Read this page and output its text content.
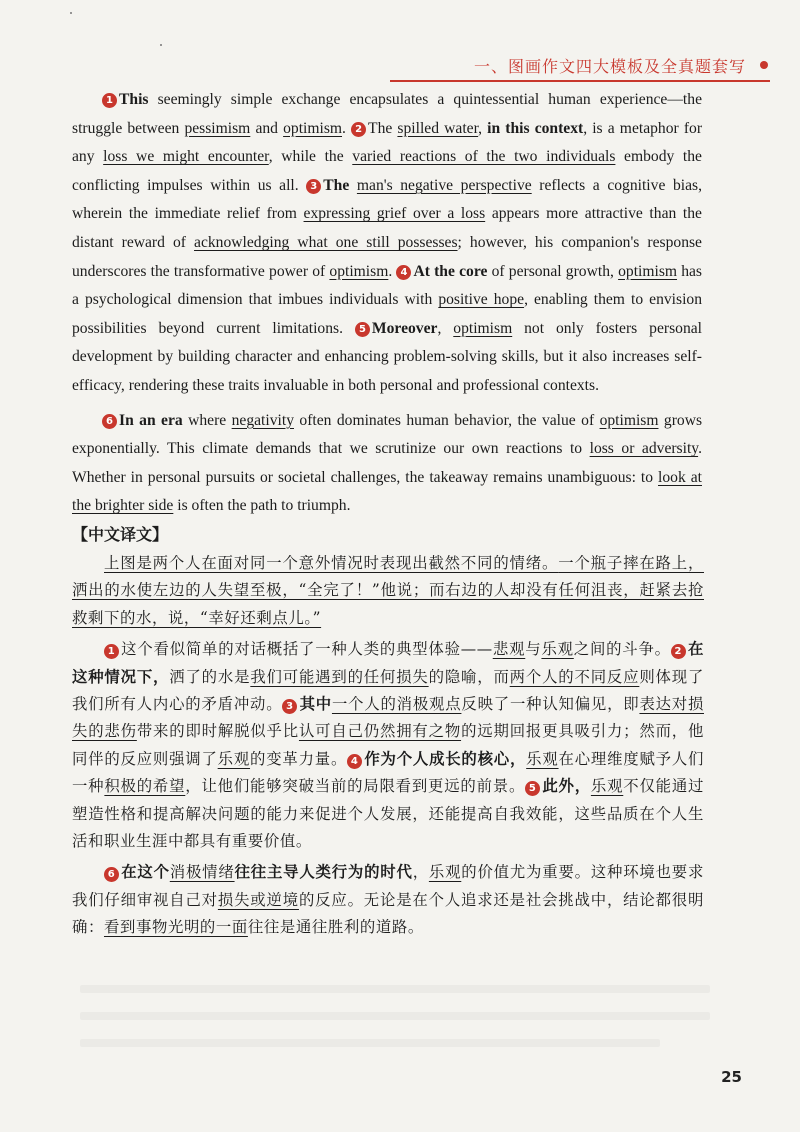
一、图画作文四大模板及全真题套写

1 This seemingly simple exchange encapsulates a quintessential human experience—the struggle between pessimism and optimism. 2 The spilled water, in this context, is a metaphor for any loss we might encounter, while the varied reactions of the two individuals embody the conflicting impulses within us all. 3 The man's negative perspective reflects a cognitive bias, wherein the immediate relief from expressing grief over a loss appears more attractive than the distant reward of acknowledging what one still possesses; however, his companion's response underscores the transformative power of optimism. 4 At the core of personal growth, optimism has a psychological dimension that imbues individuals with positive hope, enabling them to envision possibilities beyond current limitations. 5 Moreover, optimism not only fosters personal development by building character and enhancing problem-solving skills, but it also increases self-efficacy, rendering these traits invaluable in both personal and professional contexts.

6 In an era where negativity often dominates human behavior, the value of optimism grows exponentially. This climate demands that we scrutinize our own reactions to loss or adversity. Whether in personal pursuits or societal challenges, the takeaway remains unambiguous: to look at the brighter side is often the path to triumph.

【中文译文】

上图是两个人在面对同一个意外情况时表现出截然不同的情绪。一个瓶子摔在路上，洒出的水使左边的人失望至极，“全完了！”他说；而右边的人却没有任何沮丧，赶紧去抢救剩下的水，说，“幸好还剩点儿。”

1 这个看似简单的对话概括了一种人类的典型体验——悲观与乐观之间的斗争。 2 在这种情况下，洒了的水是我们可能遇到的任何损失的隐喻，而两个人的不同反应则体现了我们所有人内心的矛盾冲动。 3 其中一个人的消极观点反映了一种认知偏见，即表达对损失的悲伤带来的即时解脱似乎比认可自己仍然拥有之物的远期回报更具吸引力；然而，他同伴的反应则强调了乐观的变革力量。 4 作为个人成长的核心，乐观在心理维度赋予人们一种积极的希望，让他们能够突破当前的局限看到更远的前景。 5 此外，乐观不仅能通过塑造性格和提高解决问题的能力来促进个人发展，还能提高自我效能，这些品质在个人生活和职业生涯中都具有重要价值。

6 在这个消极情绪往往主导人类行为的时代，乐观的价值尤为重要。这种环境也要求我们仔细审视自己对损失或逆境的反应。无论是在个人追求还是社会挑战中，结论都很明确：看到事物光明的一面往往是通往胜利的道路。

25
